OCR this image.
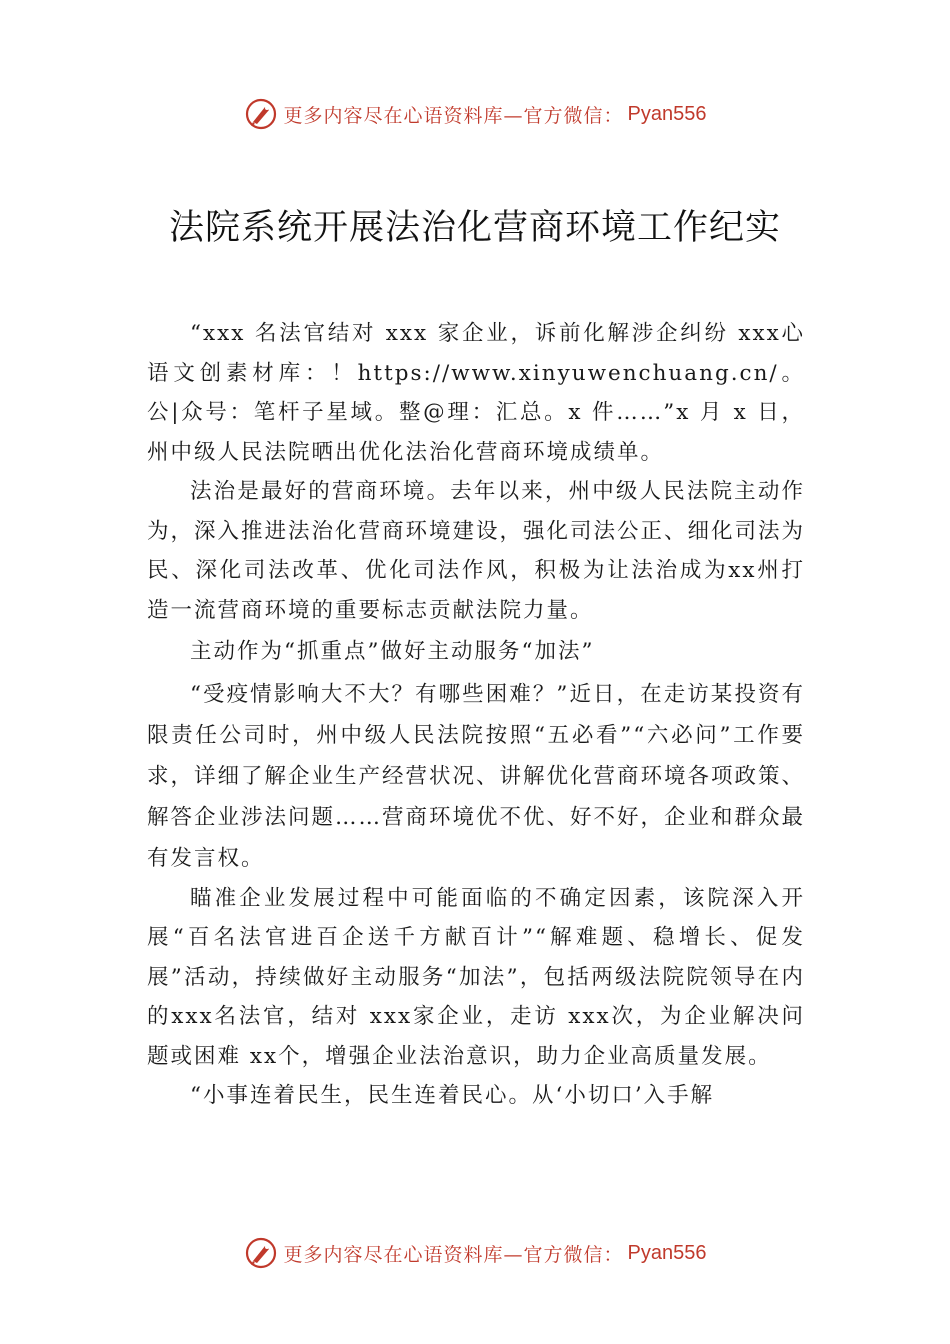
更多内容尽在心语资料库—官方微信： Pyan556
法院系统开展法治化营商环境工作纪实

“xxx 名法官结对 xxx 家企业，诉前化解涉企纠纷 xxx心语文创素材库：！https://www.xinyuwenchuang.cn/。公|众号：笔杆子星域。整@理：汇总。x 件……”x 月 x 日，州中级人民法院晒出优化法治化营商环境成绩单。

法治是最好的营商环境。去年以来，州中级人民法院主动作为，深入推进法治化营商环境建设，强化司法公正、细化司法为民、深化司法改革、优化司法作风，积极为让法治成为xx州打造一流营商环境的重要标志贡献法院力量。

主动作为“抓重点”做好主动服务“加法”

“受疫情影响大不大？有哪些困难？”近日，在走访某投资有限责任公司时，州中级人民法院按照“五必看”“六必问”工作要求，详细了解企业生产经营状况、讲解优化营商环境各项政策、解答企业涉法问题……营商环境优不优、好不好，企业和群众最有发言权。

瞄准企业发展过程中可能面临的不确定因素，该院深入开展“百名法官进百企送千方献百计”“解难题、稳增长、促发展”活动，持续做好主动服务“加法”，包括两级法院院领导在内的xxx名法官，结对 xxx家企业，走访 xxx次，为企业解决问题或困难 xx个，增强企业法治意识，助力企业高质量发展。

“小事连着民生，民生连着民心。从‘小切口’入手解

更多内容尽在心语资料库—官方微信： Pyan556
